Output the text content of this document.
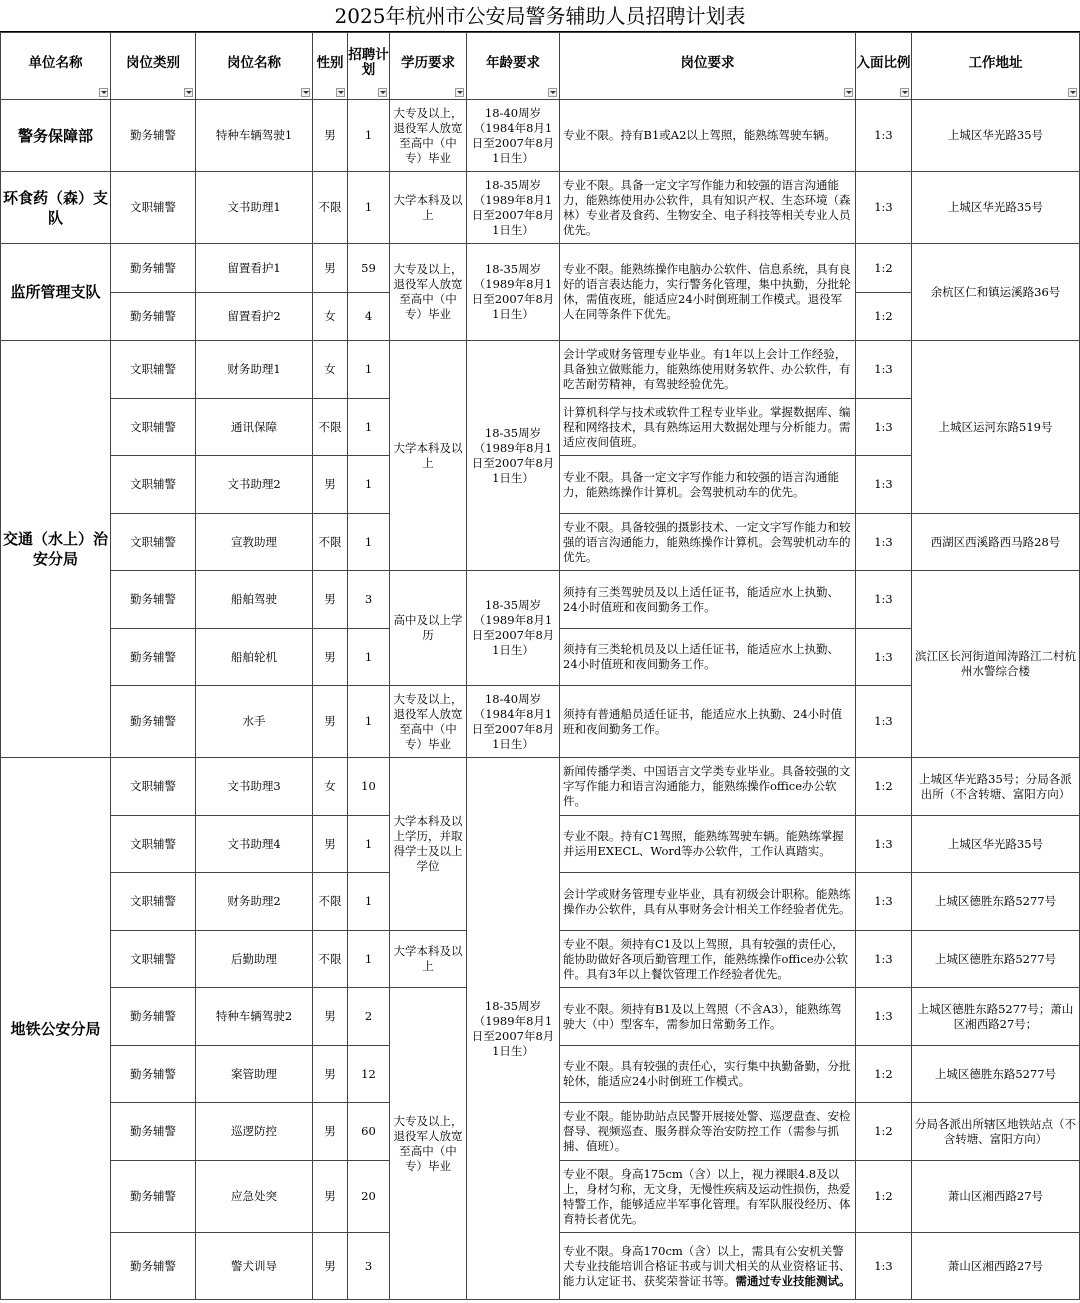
2025年杭州市公安局警务辅助人员招聘计划表
单位名称	岗位类别	岗位名称	性别	招聘计划	学历要求	年龄要求	岗位要求	入面比例	工作地址

警务保障部	勤务辅警	特种车辆驾驶1	男	1	大专及以上，退役军人放宽至高中（中专）毕业	18-40周岁（1984年8月1日至2007年8月1日生）	专业不限。持有B1或A2以上驾照，能熟练驾驶车辆。	1:3	上城区华光路35号
环食药（森）支队	文职辅警	文书助理1	不限	1	大学本科及以上	18-35周岁（1989年8月1日至2007年8月1日生）	专业不限。具备一定文字写作能力和较强的语言沟通能力，能熟练使用办公软件，具有知识产权、生态环境（森林）专业者及食药、生物安全、电子科技等相关专业人员优先。	1:3	上城区华光路35号
监所管理支队	勤务辅警	留置看护1	男	59	大专及以上，退役军人放宽至高中（中专）毕业	18-35周岁（1989年8月1日至2007年8月1日生）	专业不限。能熟练操作电脑办公软件、信息系统，具有良好的语言表达能力，实行警务化管理，集中执勤，分批轮休，需值夜班，能适应24小时倒班制工作模式。退役军人在同等条件下优先。	1:2	余杭区仁和镇运溪路36号
	勤务辅警	留置看护2	女	4				1:2	
交通（水上）治安分局	文职辅警	财务助理1	女	1	大学本科及以上	18-35周岁（1989年8月1日至2007年8月1日生）	会计学或财务管理专业毕业。有1年以上会计工作经验，具备独立做账能力，能熟练使用财务软件、办公软件，有吃苦耐劳精神，有驾驶经验优先。	1:3	上城区运河东路519号
	文职辅警	通讯保障	不限	1			计算机科学与技术或软件工程专业毕业。掌握数据库、编程和网络技术，具有熟练运用大数据处理与分析能力。需适应夜间值班。	1:3	
	文职辅警	文书助理2	男	1			专业不限。具备一定文字写作能力和较强的语言沟通能力，能熟练操作计算机。会驾驶机动车的优先。	1:3	
	文职辅警	宣教助理	不限	1			专业不限。具备较强的摄影技术、一定文字写作能力和较强的语言沟通能力，能熟练操作计算机。会驾驶机动车的优先。	1:3	西湖区西溪路西马路28号
	勤务辅警	船舶驾驶	男	3	高中及以上学历	18-35周岁（1989年8月1日至2007年8月1日生）	须持有三类驾驶员及以上适任证书，能适应水上执勤、24小时值班和夜间勤务工作。	1:3	滨江区长河街道闻涛路江二村杭州水警综合楼
	勤务辅警	船舶轮机	男	1			须持有三类轮机员及以上适任证书，能适应水上执勤、24小时值班和夜间勤务工作。	1:3	
	勤务辅警	水手	男	1	大专及以上，退役军人放宽至高中（中专）毕业	18-40周岁（1984年8月1日至2007年8月1日生）	须持有普通船员适任证书，能适应水上执勤、24小时值班和夜间勤务工作。	1:3	
地铁公安分局	文职辅警	文书助理3	女	10	大学本科及以上学历，并取得学士及以上学位	18-35周岁（1989年8月1日至2007年8月1日生）	新闻传播学类、中国语言文学类专业毕业。具备较强的文字写作能力和语言沟通能力，能熟练操作office办公软件。	1:2	上城区华光路35号；分局各派出所（不含转塘、富阳方向）
	文职辅警	文书助理4	男	1			专业不限。持有C1驾照，能熟练驾驶车辆。能熟练掌握并运用EXECL、Word等办公软件，工作认真踏实。	1:3	上城区华光路35号
	文职辅警	财务助理2	不限	1			会计学或财务管理专业毕业，具有初级会计职称。能熟练操作办公软件，具有从事财务会计相关工作经验者优先。	1:3	上城区德胜东路5277号
	文职辅警	后勤助理	不限	1	大学本科及以上		专业不限。须持有C1及以上驾照，具有较强的责任心，能协助做好各项后勤管理工作，能熟练操作office办公软件。具有3年以上餐饮管理工作经验者优先。	1:3	上城区德胜东路5277号
	勤务辅警	特种车辆驾驶2	男	2	大专及以上，退役军人放宽至高中（中专）毕业		专业不限。须持有B1及以上驾照（不含A3），能熟练驾驶大（中）型客车，需参加日常勤务工作。	1:3	上城区德胜东路5277号；萧山区湘西路27号；
	勤务辅警	案管助理	男	12			专业不限。具有较强的责任心，实行集中执勤备勤，分批轮休，能适应24小时倒班工作模式。	1:2	上城区德胜东路5277号
	勤务辅警	巡逻防控	男	60			专业不限。能协助站点民警开展接处警、巡逻盘查、安检督导、视频巡查、服务群众等治安防控工作（需参与抓捕、值班）。	1:2	分局各派出所辖区地铁站点（不含转塘、富阳方向）
	勤务辅警	应急处突	男	20			专业不限。身高175cm（含）以上，视力裸眼4.8及以上，身材匀称，无文身，无慢性疾病及运动性损伤，热爱特警工作，能够适应半军事化管理。有军队服役经历、体育特长者优先。	1:2	萧山区湘西路27号
	勤务辅警	警犬训导	男	3			专业不限。身高170cm（含）以上，需具有公安机关警犬专业技能培训合格证书或与训犬相关的从业资格证书、能力认定证书、获奖荣誉证书等。需通过专业技能测试。	1:3	萧山区湘西路27号
